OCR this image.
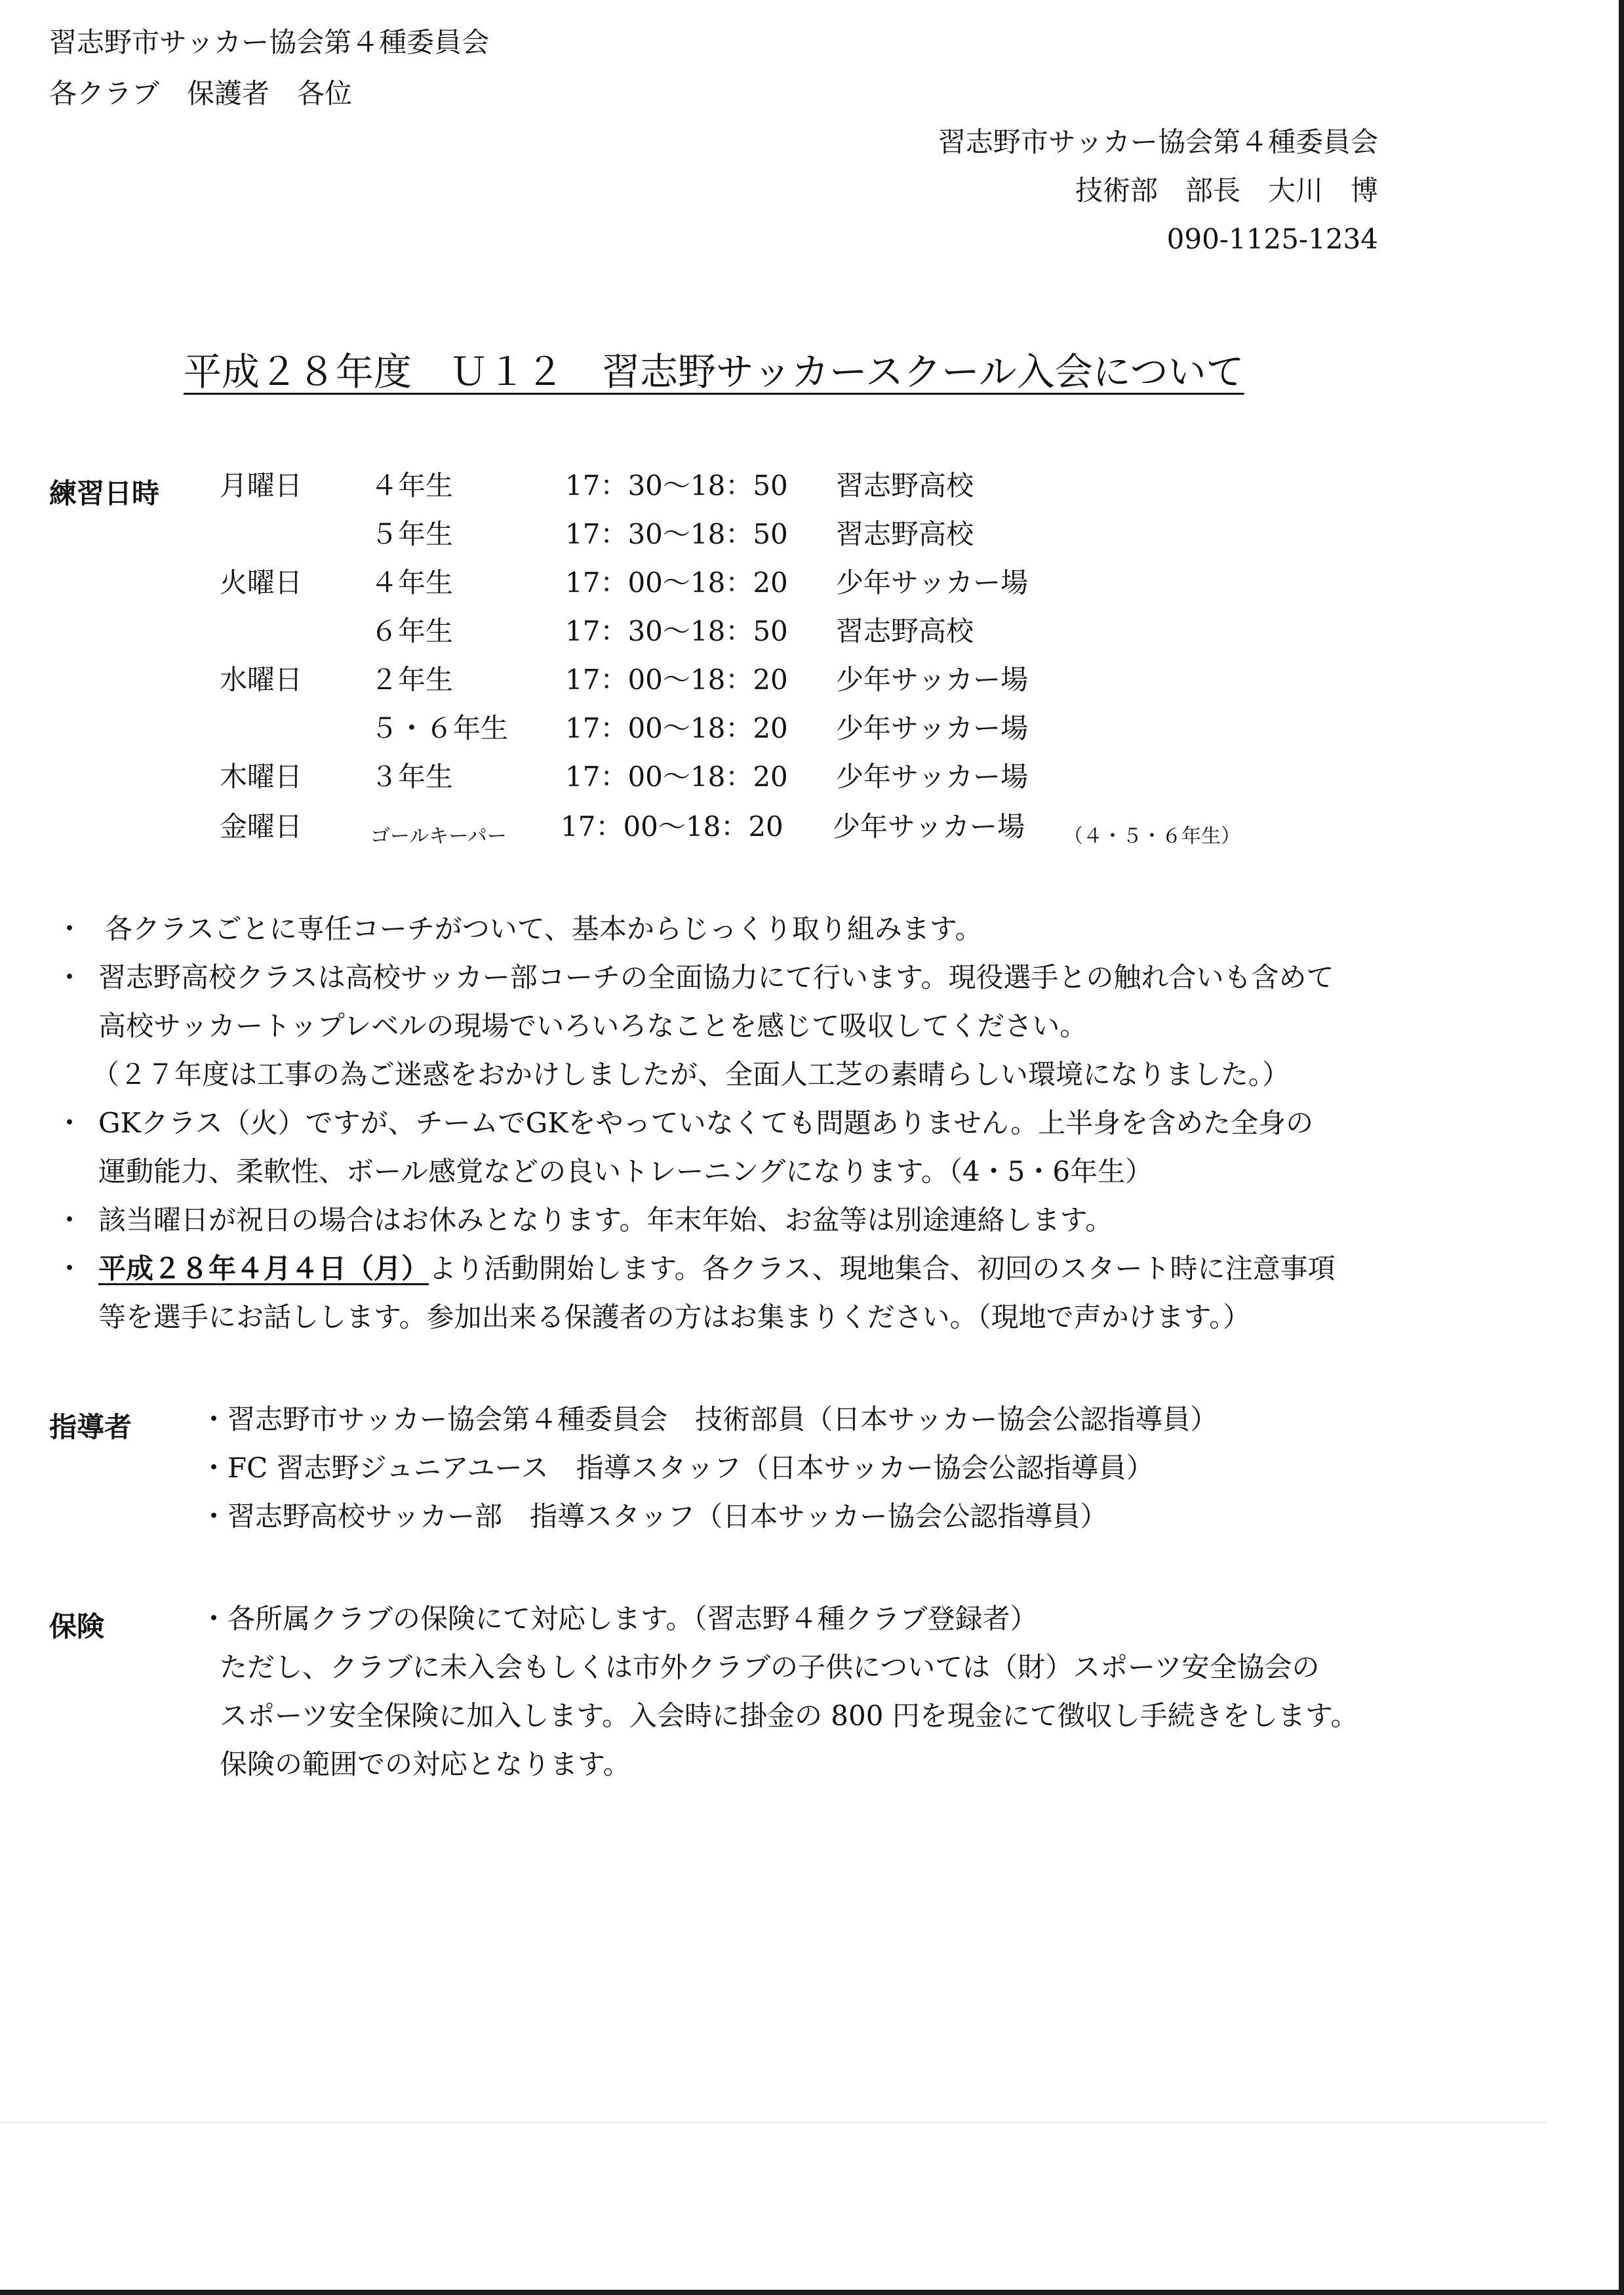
習志野市サッカー協会第４種委員会
各クラブ　保護者　各位
習志野市サッカー協会第４種委員会
技術部　部長　大川　博
090-1125-1234
平成２８年度　Ｕ１２　習志野サッカースクール入会について
練習日時 月曜日 ４年生	17：30〜18：50 習志野高校
５年生	17：30〜18：50 習志野高校
火曜日 ４年生	17：00〜18：20 少年サッカー場
６年生	17：30〜18：50 習志野高校
水曜日 ２年生	17：00〜18：20 少年サッカー場
５・６年生 17：00〜18：20 少年サッカー場
木曜日 ３年生	17：00〜18：20 少年サッカー場
金曜日	ゴールキーパー 17：00〜18：20 少年サッカー場 （４・５・６年生）
・ 各クラスごとに専任コーチがついて、基本からじっくり取り組みます。
・ 習志野高校クラスは高校サッカー部コーチの全面協力にて行います。現役選手との触れ合いも含めて
高校サッカートップレベルの現場でいろいろなことを感じて吸収してください。
（２７年度は工事の為ご迷惑をおかけしましたが、全面人工芝の素晴らしい環境になりました。）
・ GKクラス（火）ですが、チームでGKをやっていなくても問題ありません。上半身を含めた全身の
運動能力、柔軟性、ボール感覚などの良いトレーニングになります。（4・5・6年生）
・ 該当曜日が祝日の場合はお休みとなります。年末年始、お盆等は別途連絡します。
・ 平成２８年４月４日（月）より活動開始します。各クラス、現地集合、初回のスタート時に注意事項
等を選手にお話しします。参加出来る保護者の方はお集まりください。（現地で声かけます。）
指導者 ・習志野市サッカー協会第４種委員会　技術部員（日本サッカー協会公認指導員）
・FC 習志野ジュニアユース　指導スタッフ（日本サッカー協会公認指導員）
・習志野高校サッカー部　指導スタッフ（日本サッカー協会公認指導員）
保険	・各所属クラブの保険にて対応します。（習志野４種クラブ登録者）
ただし、クラブに未入会もしくは市外クラブの子供については（財）スポーツ安全協会の
スポーツ安全保険に加入します。入会時に掛金の 800 円を現金にて徴収し手続きをします。
保険の範囲での対応となります。
